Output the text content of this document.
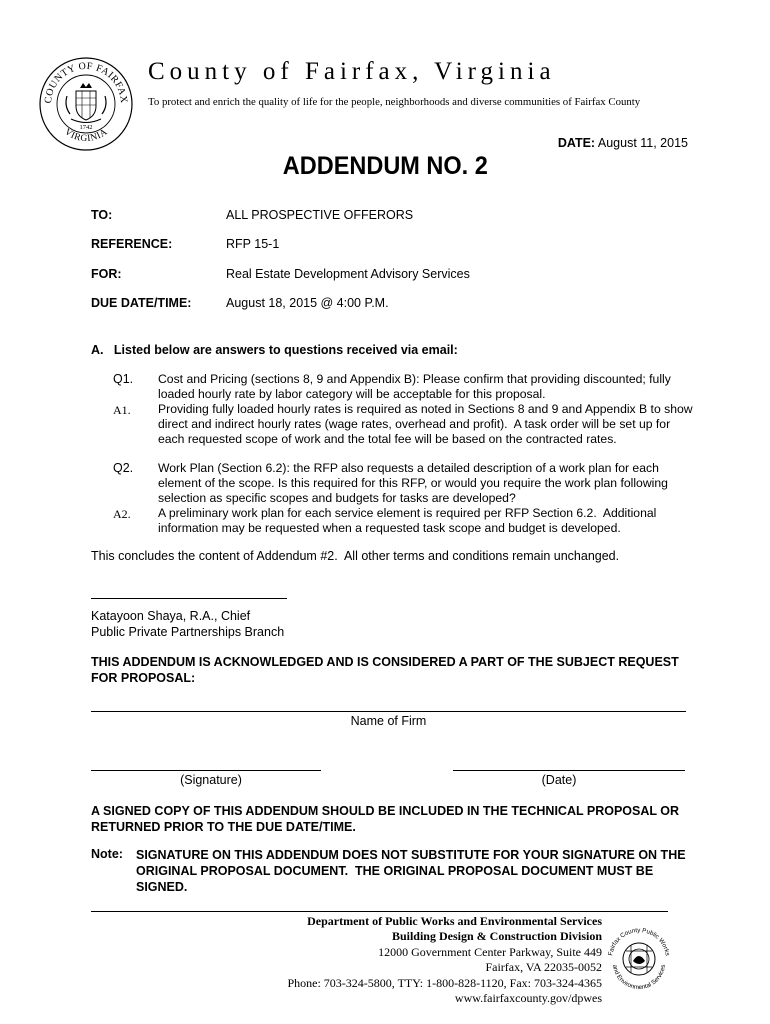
COUNTY OF FAIRFAX
VIRGINIA
1742
County of Fairfax, Virginia
To protect and enrich the quality of life for the people, neighborhoods and diverse communities of Fairfax County
DATE: August 11, 2015
ADDENDUM NO. 2
TO:	ALL PROSPECTIVE OFFERORS
REFERENCE:	RFP 15-1
FOR:	Real Estate Development Advisory Services
DUE DATE/TIME:	August 18, 2015 @ 4:00 P.M.
A.   Listed below are answers to questions received via email:
Q1. Cost and Pricing (sections 8, 9 and Appendix B): Please confirm that providing discounted; fully loaded hourly rate by labor category will be acceptable for this proposal.
A1. Providing fully loaded hourly rates is required as noted in Sections 8 and 9 and Appendix B to show direct and indirect hourly rates (wage rates, overhead and profit).  A task order will be set up for each requested scope of work and the total fee will be based on the contracted rates.
Q2. Work Plan (Section 6.2): the RFP also requests a detailed description of a work plan for each element of the scope. Is this required for this RFP, or would you require the work plan following selection as specific scopes and budgets for tasks are developed?
A2. A preliminary work plan for each service element is required per RFP Section 6.2.  Additional information may be requested when a requested task scope and budget is developed.
This concludes the content of Addendum #2.  All other terms and conditions remain unchanged.
Katayoon Shaya, R.A., Chief
Public Private Partnerships Branch
THIS ADDENDUM IS ACKNOWLEDGED AND IS CONSIDERED A PART OF THE SUBJECT REQUEST FOR PROPOSAL:
Name of Firm
(Signature)	(Date)
A SIGNED COPY OF THIS ADDENDUM SHOULD BE INCLUDED IN THE TECHNICAL PROPOSAL OR RETURNED PRIOR TO THE DUE DATE/TIME.
Note: SIGNATURE ON THIS ADDENDUM DOES NOT SUBSTITUTE FOR YOUR SIGNATURE ON THE ORIGINAL PROPOSAL DOCUMENT.  THE ORIGINAL PROPOSAL DOCUMENT MUST BE SIGNED.
Department of Public Works and Environmental Services
Building Design & Construction Division
12000 Government Center Parkway, Suite 449
Fairfax, VA 22035-0052
Phone: 703-324-5800, TTY: 1-800-828-1120, Fax: 703-324-4365
www.fairfaxcounty.gov/dpwes
Fairfax County Public Works
and Environmental Services
